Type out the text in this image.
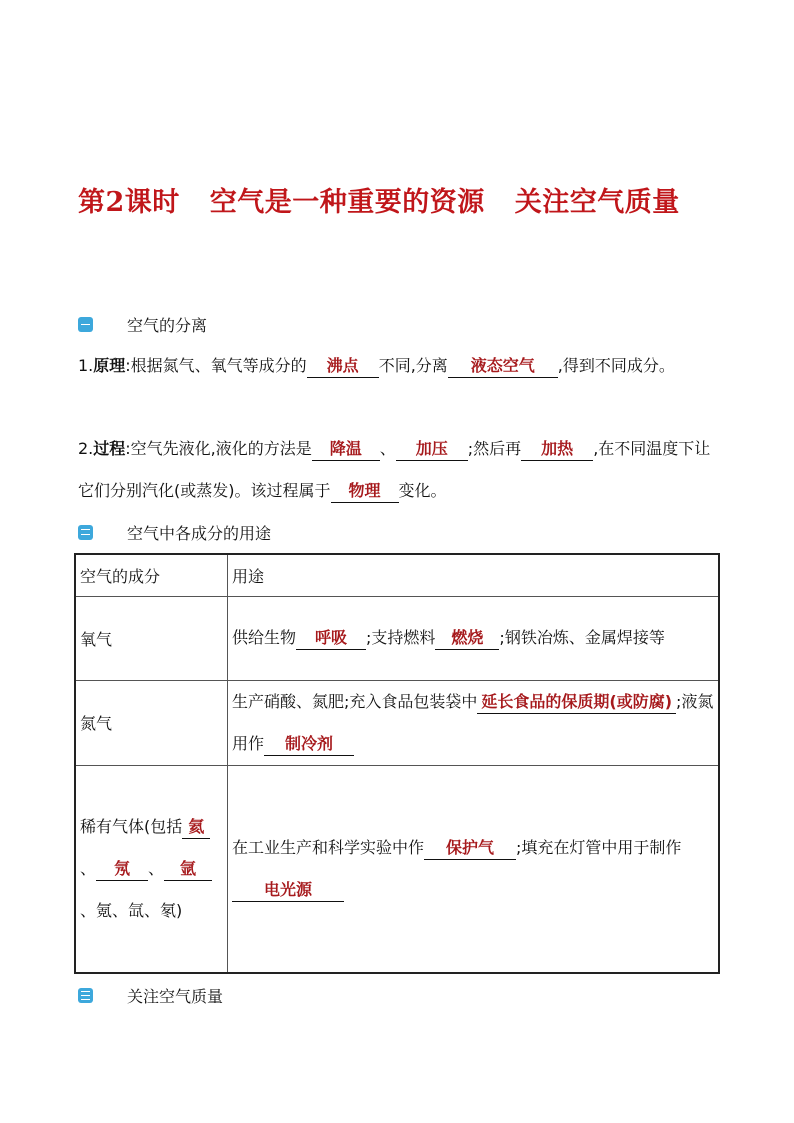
第2课时 空气是一种重要的资源 关注空气质量
空气的分离
1.原理:根据氮气、氧气等成分的 沸点 不同,分离 液态空气 ,得到不同成分。
2.过程:空气先液化,液化的方法是 降温 、 加压 ;然后再 加热 ,在不同温度下让它们分别汽化(或蒸发)。该过程属于 物理 变化。
空气中各成分的用途
空气的成分	用途
氧气	供给生物 呼吸 ;支持燃料 燃烧 ;钢铁冶炼、金属焊接等

氮气	生产硝酸、氮肥;充入食品包装袋中 延长食品的保质期(或防腐) ;液氮用作 制冷剂

稀有气体(包括 氦、 氖 、 氩、氪、氙、氡)	在工业生产和科学实验中作 保护气 ;填充在灯管中用于制作电光源
关注空气质量
